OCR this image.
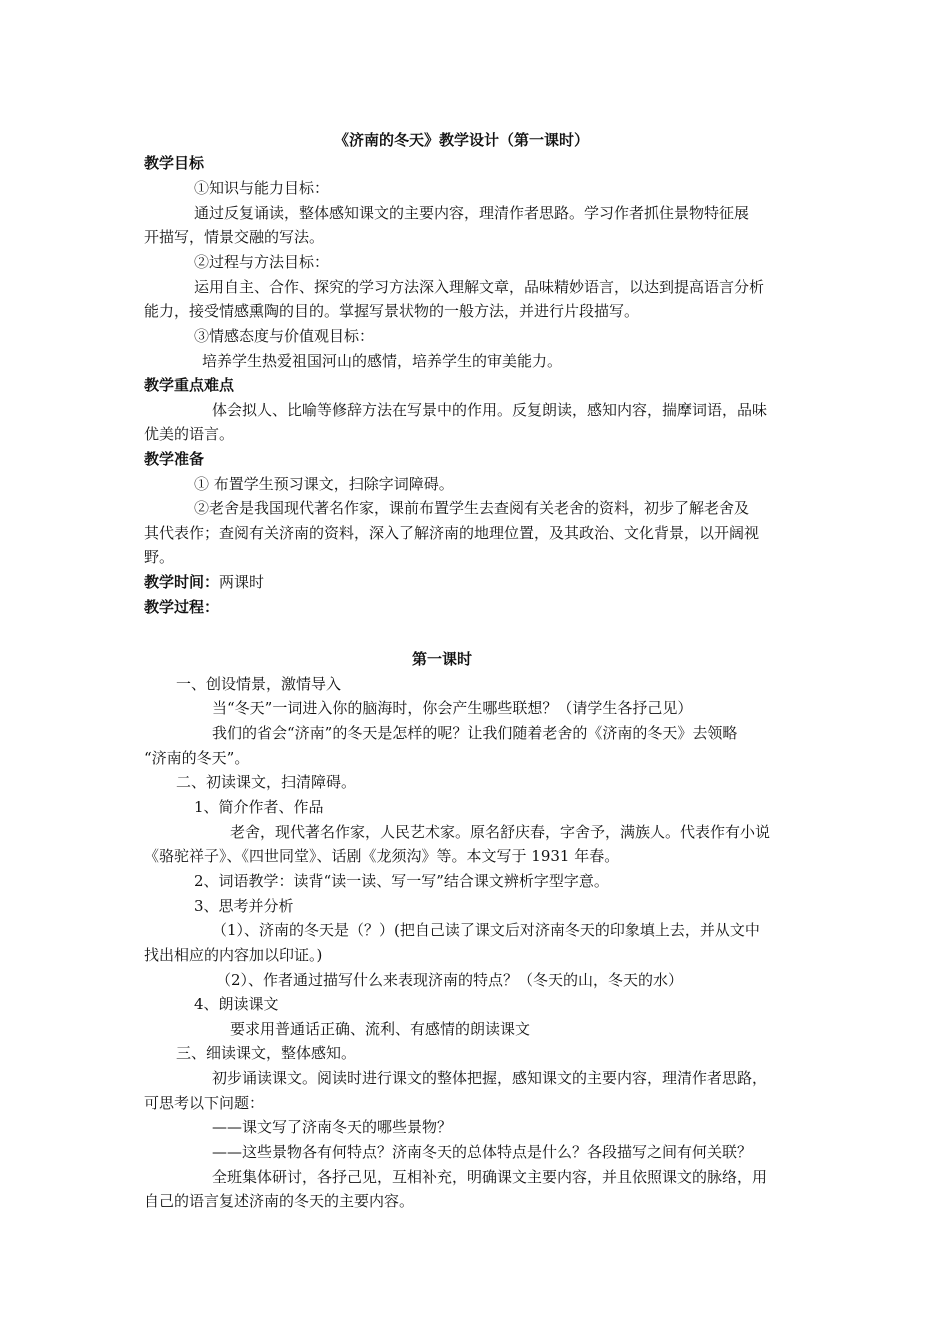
《济南的冬天》教学设计（第一课时）
教学目标
①知识与能力目标：
通过反复诵读，整体感知课文的主要内容，理清作者思路。学习作者抓住景物特征展
开描写，情景交融的写法。
②过程与方法目标：
运用自主、合作、探究的学习方法深入理解文章，品味精妙语言，以达到提高语言分析
能力，接受情感熏陶的目的。掌握写景状物的一般方法，并进行片段描写。
③情感态度与价值观目标：
培养学生热爱祖国河山的感情，培养学生的审美能力。
教学重点难点
体会拟人、比喻等修辞方法在写景中的作用。反复朗读，感知内容，揣摩词语，品味
优美的语言。
教学准备
① 布置学生预习课文，扫除字词障碍。
②老舍是我国现代著名作家，课前布置学生去查阅有关老舍的资料，初步了解老舍及
其代表作；查阅有关济南的资料，深入了解济南的地理位置，及其政治、文化背景，以开阔视
野。
教学时间：两课时
教学过程：
第一课时
一、创设情景，激情导入
当“冬天”一词进入你的脑海时，你会产生哪些联想？（请学生各抒己见）
我们的省会“济南”的冬天是怎样的呢？让我们随着老舍的《济南的冬天》去领略
“济南的冬天”。
二、初读课文，扫清障碍。
1、简介作者、作品
老舍，现代著名作家，人民艺术家。原名舒庆春，字舍予，满族人。代表作有小说
《骆驼祥子》、《四世同堂》、话剧《龙须沟》等。本文写于 1931 年春。
2、词语教学：读背“读一读、写一写”结合课文辨析字型字意。
3、思考并分析
（1）、济南的冬天是（？）(把自己读了课文后对济南冬天的印象填上去，并从文中
找出相应的内容加以印证。)
（2）、作者通过描写什么来表现济南的特点？（冬天的山，冬天的水）
4、朗读课文
要求用普通话正确、流利、有感情的朗读课文
三、细读课文，整体感知。
初步诵读课文。阅读时进行课文的整体把握，感知课文的主要内容，理清作者思路，
可思考以下问题：
——课文写了济南冬天的哪些景物？
——这些景物各有何特点？济南冬天的总体特点是什么？各段描写之间有何关联？
全班集体研讨，各抒己见，互相补充，明确课文主要内容，并且依照课文的脉络，用
自己的语言复述济南的冬天的主要内容。
